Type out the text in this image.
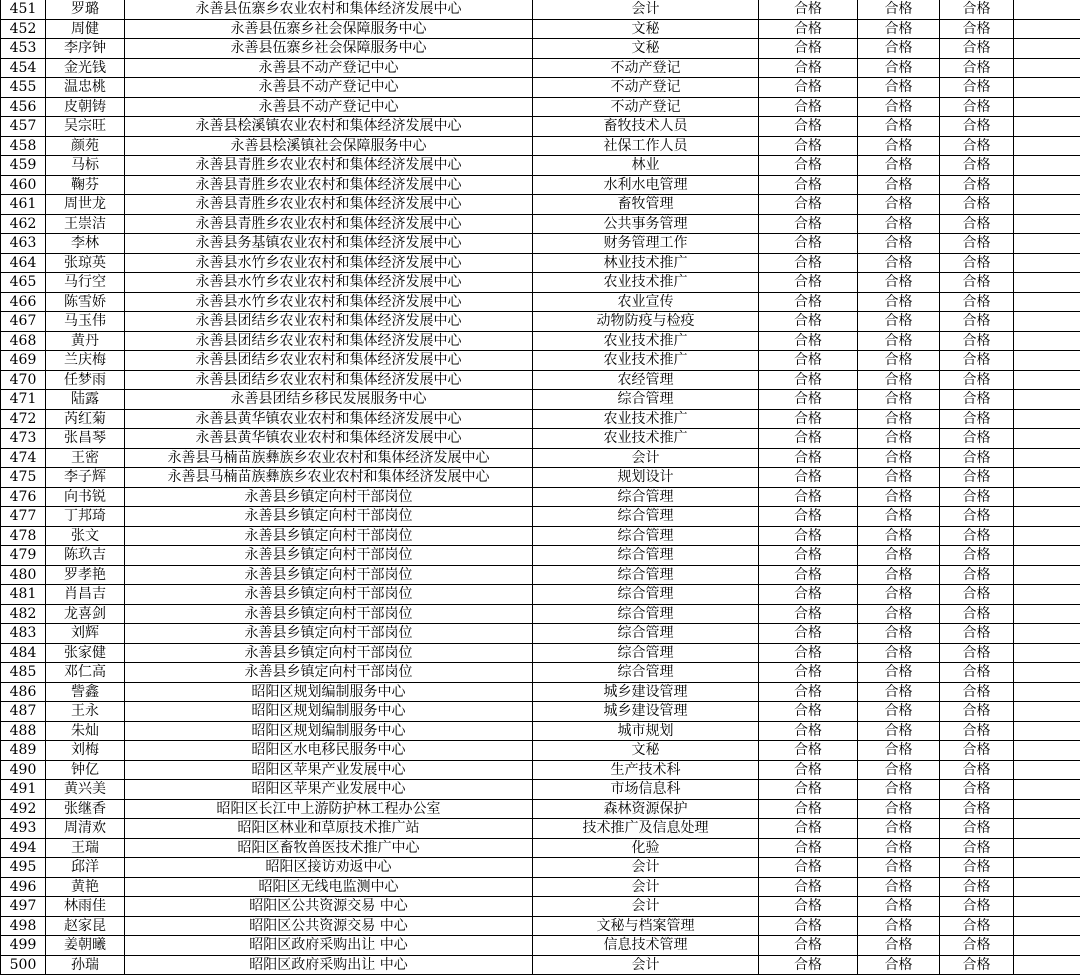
451	罗璐	永善县伍寨乡农业农村和集体经济发展中心	会计	合格	合格	合格	
452	周健	永善县伍寨乡社会保障服务中心	文秘	合格	合格	合格	
453	李序钟	永善县伍寨乡社会保障服务中心	文秘	合格	合格	合格	
454	金光钱	永善县不动产登记中心	不动产登记	合格	合格	合格	
455	温忠桃	永善县不动产登记中心	不动产登记	合格	合格	合格	
456	皮朝铸	永善县不动产登记中心	不动产登记	合格	合格	合格	
457	吴宗旺	永善县桧溪镇农业农村和集体经济发展中心	畜牧技术人员	合格	合格	合格	
458	颜苑	永善县桧溪镇社会保障服务中心	社保工作人员	合格	合格	合格	
459	马标	永善县青胜乡农业农村和集体经济发展中心	林业	合格	合格	合格	
460	鞠芬	永善县青胜乡农业农村和集体经济发展中心	水利水电管理	合格	合格	合格	
461	周世龙	永善县青胜乡农业农村和集体经济发展中心	畜牧管理	合格	合格	合格	
462	王崇洁	永善县青胜乡农业农村和集体经济发展中心	公共事务管理	合格	合格	合格	
463	李林	永善县务基镇农业农村和集体经济发展中心	财务管理工作	合格	合格	合格	
464	张琼英	永善县水竹乡农业农村和集体经济发展中心	林业技术推广	合格	合格	合格	
465	马行空	永善县水竹乡农业农村和集体经济发展中心	农业技术推广	合格	合格	合格	
466	陈雪娇	永善县水竹乡农业农村和集体经济发展中心	农业宣传	合格	合格	合格	
467	马玉伟	永善县团结乡农业农村和集体经济发展中心	动物防疫与检疫	合格	合格	合格	
468	黄丹	永善县团结乡农业农村和集体经济发展中心	农业技术推广	合格	合格	合格	
469	兰庆梅	永善县团结乡农业农村和集体经济发展中心	农业技术推广	合格	合格	合格	
470	任梦雨	永善县团结乡农业农村和集体经济发展中心	农经管理	合格	合格	合格	
471	陆露	永善县团结乡移民发展服务中心	综合管理	合格	合格	合格	
472	芮红菊	永善县黄华镇农业农村和集体经济发展中心	农业技术推广	合格	合格	合格	
473	张昌琴	永善县黄华镇农业农村和集体经济发展中心	农业技术推广	合格	合格	合格	
474	王密	永善县马楠苗族彝族乡农业农村和集体经济发展中心	会计	合格	合格	合格	
475	李子辉	永善县马楠苗族彝族乡农业农村和集体经济发展中心	规划设计	合格	合格	合格	
476	向书锐	永善县乡镇定向村干部岗位	综合管理	合格	合格	合格	
477	丁邦琦	永善县乡镇定向村干部岗位	综合管理	合格	合格	合格	
478	张文	永善县乡镇定向村干部岗位	综合管理	合格	合格	合格	
479	陈玖吉	永善县乡镇定向村干部岗位	综合管理	合格	合格	合格	
480	罗孝艳	永善县乡镇定向村干部岗位	综合管理	合格	合格	合格	
481	肖昌吉	永善县乡镇定向村干部岗位	综合管理	合格	合格	合格	
482	龙喜剑	永善县乡镇定向村干部岗位	综合管理	合格	合格	合格	
483	刘辉	永善县乡镇定向村干部岗位	综合管理	合格	合格	合格	
484	张家健	永善县乡镇定向村干部岗位	综合管理	合格	合格	合格	
485	邓仁高	永善县乡镇定向村干部岗位	综合管理	合格	合格	合格	
486	訾鑫	昭阳区规划编制服务中心	城乡建设管理	合格	合格	合格	
487	王永	昭阳区规划编制服务中心	城乡建设管理	合格	合格	合格	
488	朱灿	昭阳区规划编制服务中心	城市规划	合格	合格	合格	
489	刘梅	昭阳区水电移民服务中心	文秘	合格	合格	合格	
490	钟亿	昭阳区苹果产业发展中心	生产技术科	合格	合格	合格	
491	黄兴美	昭阳区苹果产业发展中心	市场信息科	合格	合格	合格	
492	张继香	昭阳区长江中上游防护林工程办公室	森林资源保护	合格	合格	合格	
493	周清欢	昭阳区林业和草原技术推广站	技术推广及信息处理	合格	合格	合格	
494	王瑞	昭阳区畜牧兽医技术推广中心	化验	合格	合格	合格	
495	邱洋	昭阳区接访劝返中心	会计	合格	合格	合格	
496	黄艳	昭阳区无线电监测中心	会计	合格	合格	合格	
497	林雨佳	昭阳区公共资源交易 中心	会计	合格	合格	合格	
498	赵家昆	昭阳区公共资源交易 中心	文秘与档案管理	合格	合格	合格	
499	姜朝曦	昭阳区政府采购出让 中心	信息技术管理	合格	合格	合格	
500	孙瑞	昭阳区政府采购出让 中心	会计	合格	合格	合格	
